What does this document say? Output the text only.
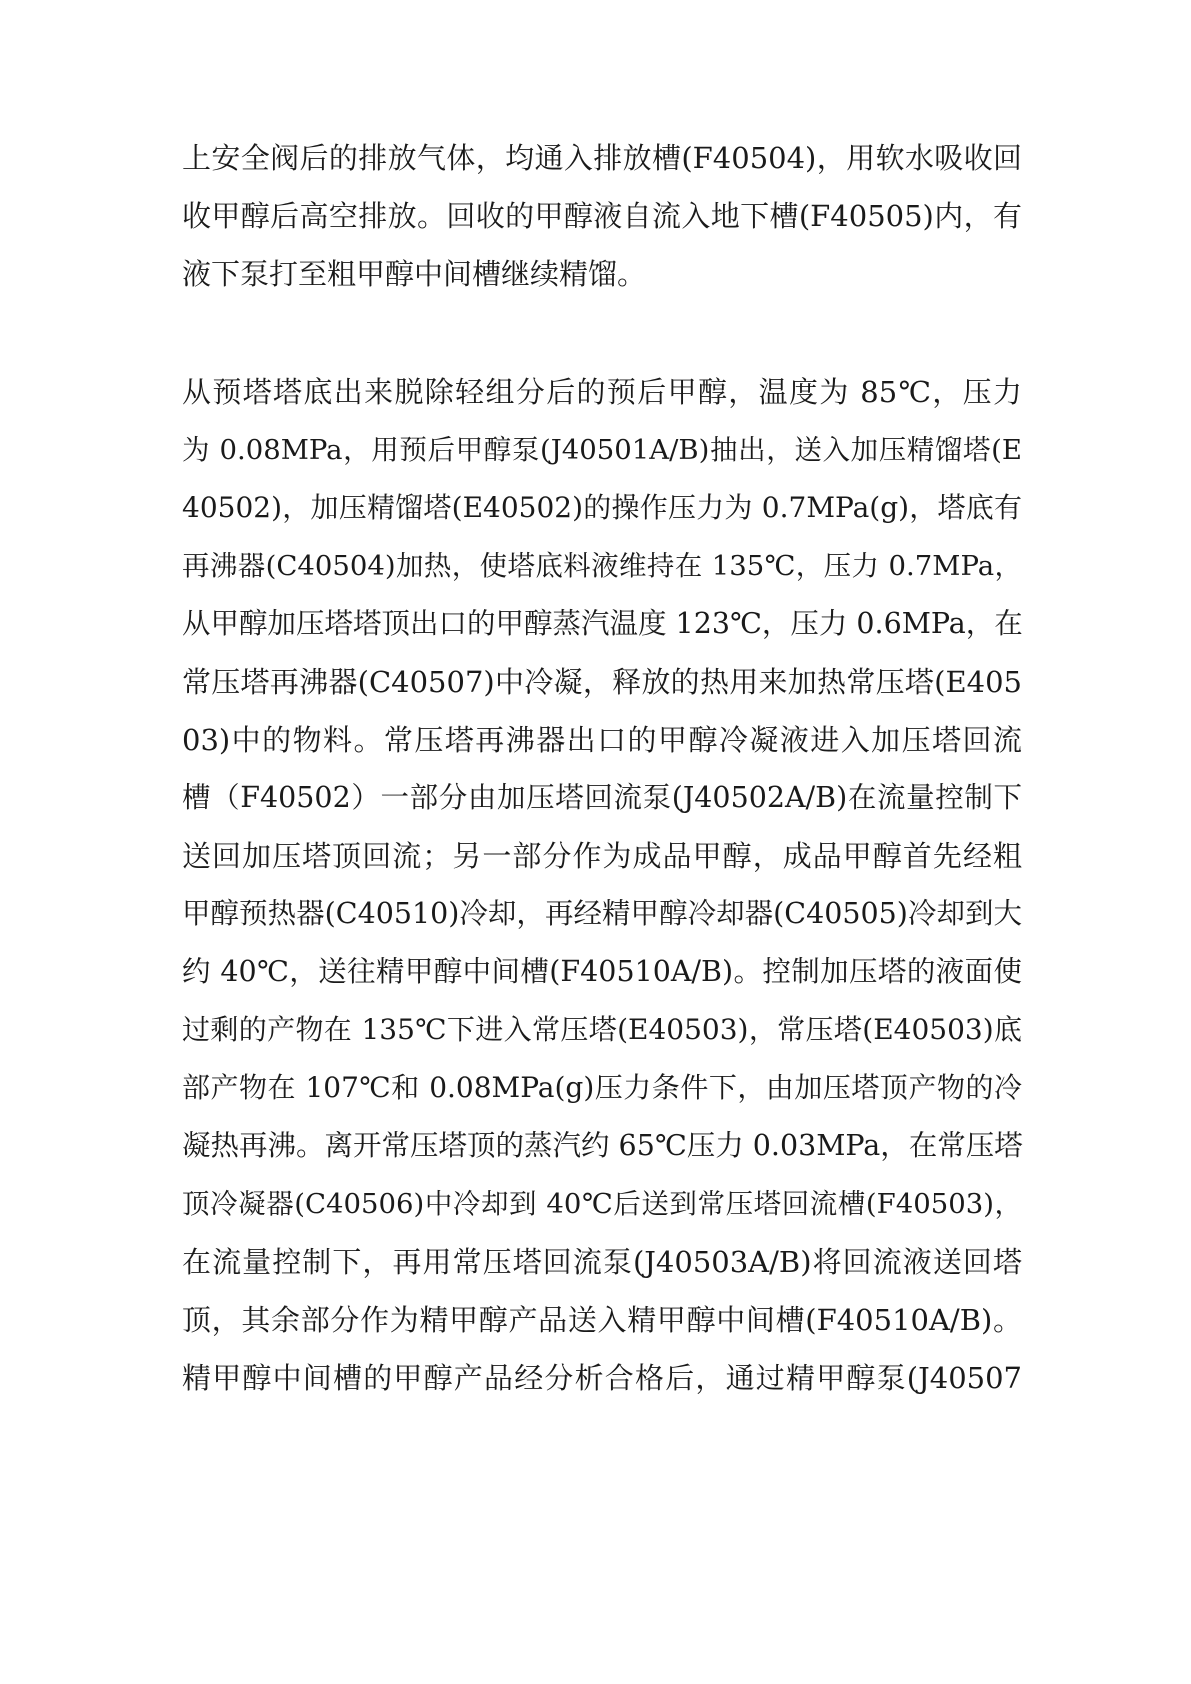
上安全阀后的排放气体，均通入排放槽(F40504)，用软水吸收回
收甲醇后高空排放。回收的甲醇液自流入地下槽(F40505)内，有
液下泵打至粗甲醇中间槽继续精馏。
从预塔塔底出来脱除轻组分后的预后甲醇，温度为 85℃，压力
为 0.08MPa，用预后甲醇泵(J40501A/B)抽出，送入加压精馏塔(E
40502)，加压精馏塔(E40502)的操作压力为 0.7MPa(g)，塔底有
再沸器(C40504)加热，使塔底料液维持在 135℃，压力 0.7MPa，
从甲醇加压塔塔顶出口的甲醇蒸汽温度 123℃，压力 0.6MPa，在
常压塔再沸器(C40507)中冷凝，释放的热用来加热常压塔(E405
03)中的物料。常压塔再沸器出口的甲醇冷凝液进入加压塔回流
槽（F40502）一部分由加压塔回流泵(J40502A/B)在流量控制下
送回加压塔顶回流；另一部分作为成品甲醇，成品甲醇首先经粗
甲醇预热器(C40510)冷却，再经精甲醇冷却器(C40505)冷却到大
约 40℃，送往精甲醇中间槽(F40510A/B)。控制加压塔的液面使
过剩的产物在 135℃下进入常压塔(E40503)，常压塔(E40503)底
部产物在 107℃和 0.08MPa(g)压力条件下，由加压塔顶产物的冷
凝热再沸。离开常压塔顶的蒸汽约 65℃压力 0.03MPa，在常压塔
顶冷凝器(C40506)中冷却到 40℃后送到常压塔回流槽(F40503)，
在流量控制下，再用常压塔回流泵(J40503A/B)将回流液送回塔
顶，其余部分作为精甲醇产品送入精甲醇中间槽(F40510A/B)。
精甲醇中间槽的甲醇产品经分析合格后，通过精甲醇泵(J40507
